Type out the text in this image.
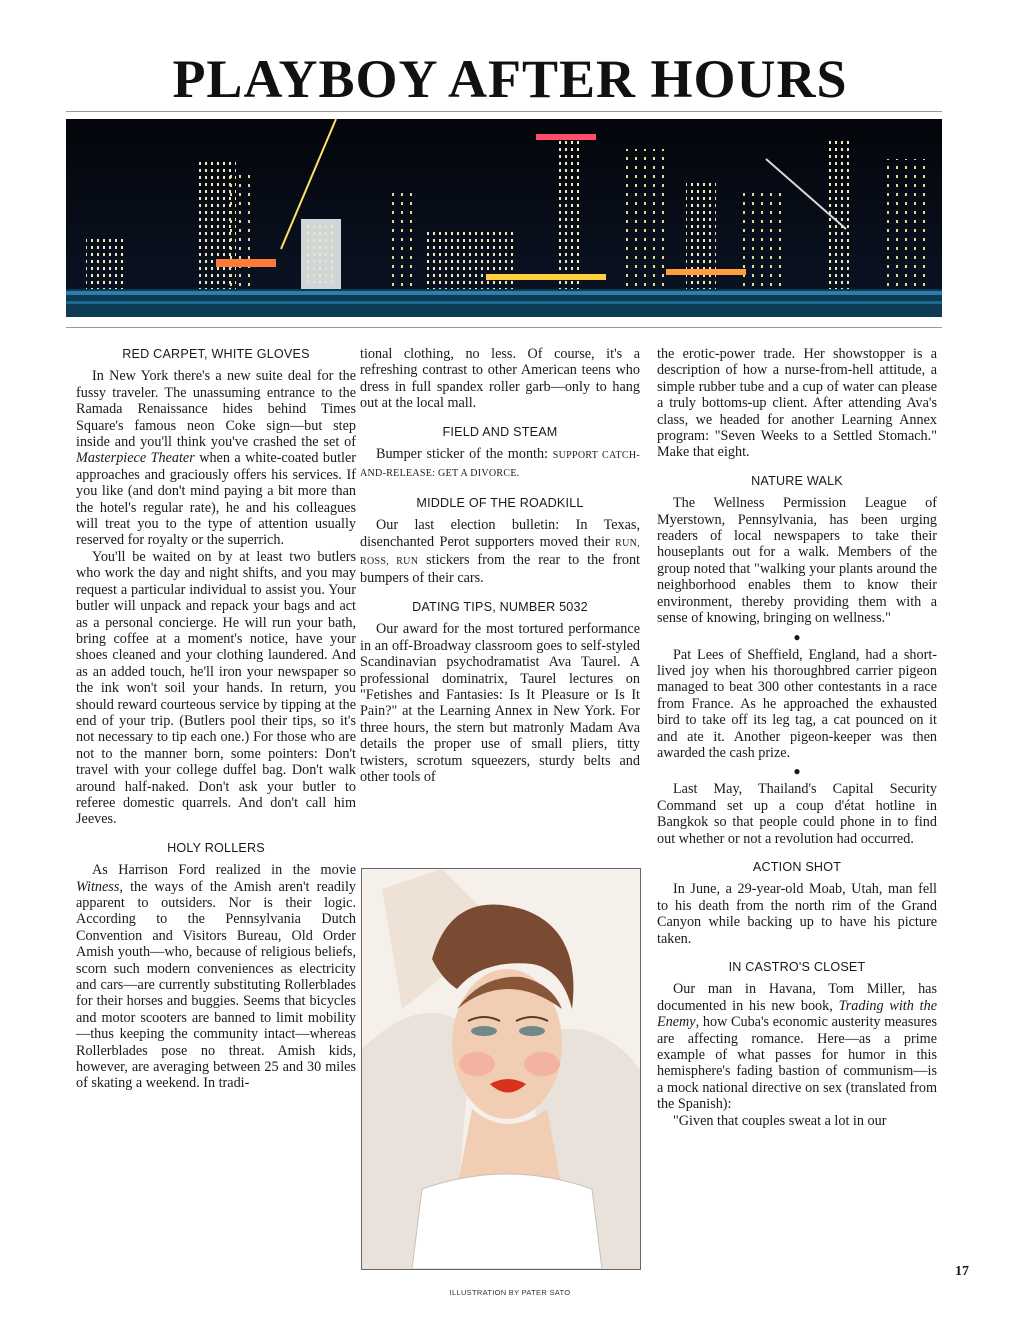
PLAYBOY AFTER HOURS
RED CARPET, WHITE GLOVES

In New York there's a new suite deal for the fussy traveler. The unassuming entrance to the Ramada Renaissance hides behind Times Square's famous neon Coke sign—but step inside and you'll think you've crashed the set of Masterpiece Theater when a white-coated butler approaches and graciously offers his services. If you like (and don't mind paying a bit more than the hotel's regular rate), he and his colleagues will treat you to the type of attention usually reserved for royalty or the superrich.

You'll be waited on by at least two butlers who work the day and night shifts, and you may request a particular individual to assist you. Your butler will unpack and repack your bags and act as a personal concierge. He will run your bath, bring coffee at a moment's notice, have your shoes cleaned and your clothing laundered. And as an added touch, he'll iron your newspaper so the ink won't soil your hands. In return, you should reward courteous service by tipping at the end of your trip. (Butlers pool their tips, so it's not necessary to tip each one.) For those who are not to the manner born, some pointers: Don't travel with your college duffel bag. Don't walk around half-naked. Don't ask your butler to referee domestic quarrels. And don't call him Jeeves.

HOLY ROLLERS

As Harrison Ford realized in the movie Witness, the ways of the Amish aren't readily apparent to outsiders. Nor is their logic. According to the Pennsylvania Dutch Convention and Visitors Bureau, Old Order Amish youth—who, because of religious beliefs, scorn such modern conveniences as electricity and cars—are currently substituting Rollerblades for their horses and buggies. Seems that bicycles and motor scooters are banned to limit mobility—thus keeping the community intact—whereas Rollerblades pose no threat. Amish kids, however, are averaging between 25 and 30 miles of skating a weekend. In tradi-

tional clothing, no less. Of course, it's a refreshing contrast to other American teens who dress in full spandex roller garb—only to hang out at the local mall.

FIELD AND STEAM

Bumper sticker of the month: SUPPORT CATCH-AND-RELEASE: GET A DIVORCE.

MIDDLE OF THE ROADKILL

Our last election bulletin: In Texas, disenchanted Perot supporters moved their RUN, ROSS, RUN stickers from the rear to the front bumpers of their cars.

DATING TIPS, NUMBER 5032

Our award for the most tortured performance in an off-Broadway classroom goes to self-styled Scandinavian psychodramatist Ava Taurel. A professional dominatrix, Taurel lectures on "Fetishes and Fantasies: Is It Pleasure or Is It Pain?" at the Learning Annex in New York. For three hours, the stern but matronly Madam Ava details the proper use of small pliers, titty twisters, scrotum squeezers, sturdy belts and other tools of

the erotic-power trade. Her showstopper is a description of how a nurse-from-hell attitude, a simple rubber tube and a cup of water can please a truly bottoms-up client. After attending Ava's class, we headed for another Learning Annex program: "Seven Weeks to a Settled Stomach." Make that eight.

NATURE WALK

The Wellness Permission League of Myerstown, Pennsylvania, has been urging readers of local newspapers to take their houseplants out for a walk. Members of the group noted that "walking your plants around the neighborhood enables them to know their environment, thereby providing them with a sense of knowing, bringing on wellness."

●

Pat Lees of Sheffield, England, had a short-lived joy when his thoroughbred carrier pigeon managed to beat 300 other contestants in a race from France. As he approached the exhausted bird to take off its leg tag, a cat pounced on it and ate it. Another pigeon-keeper was then awarded the cash prize.

●

Last May, Thailand's Capital Security Command set up a coup d'état hotline in Bangkok so that people could phone in to find out whether or not a revolution had occurred.

ACTION SHOT

In June, a 29-year-old Moab, Utah, man fell to his death from the north rim of the Grand Canyon while backing up to have his picture taken.

IN CASTRO'S CLOSET

Our man in Havana, Tom Miller, has documented in his new book, Trading with the Enemy, how Cuba's economic austerity measures are affecting romance. Here—as a prime example of what passes for humor in this hemisphere's fading bastion of communism—is a mock national directive on sex (translated from the Spanish):

"Given that couples sweat a lot in our

17
ILLUSTRATION BY PATER SATO
